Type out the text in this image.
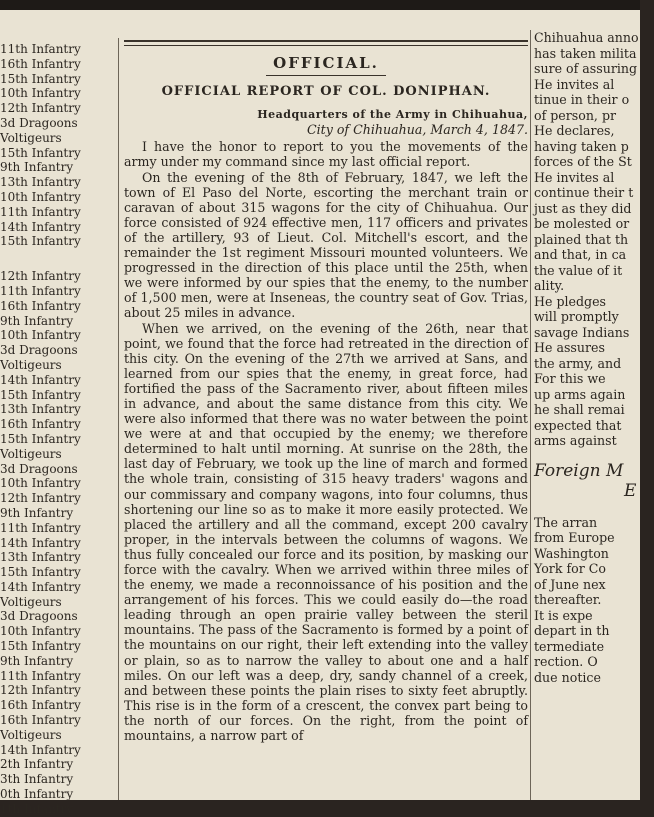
11th Infantry
16th Infantry
15th Infantry
10th Infantry
12th Infantry
3d Dragoons
Voltigeurs
15th Infantry
9th Infantry
13th Infantry
10th Infantry
11th Infantry
14th Infantry
15th Infantry
12th Infantry
11th Infantry
16th Infantry
9th Infantry
10th Infantry
3d Dragoons
Voltigeurs
14th Infantry
15th Infantry
13th Infantry
16th Infantry
15th Infantry
Voltigeurs
3d Dragoons
10th Infantry
12th Infantry
9th Infantry
11th Infantry
14th Infantry
13th Infantry
15th Infantry
14th Infantry
Voltigeurs
3d Dragoons
10th Infantry
15th Infantry
9th Infantry
11th Infantry
12th Infantry
16th Infantry
16th Infantry
Voltigeurs
14th Infantry
2th Infantry
3th Infantry
0th Infantry
1th Infantry
OFFICIAL.
OFFICIAL REPORT OF COL. DONIPHAN.
Headquarters of the Army in Chihuahua,
City of Chihuahua, March 4, 1847.

I have the honor to report to you the movements of the army under my command since my last official report.

On the evening of the 8th of February, 1847, we left the town of El Paso del Norte, escorting the merchant train or caravan of about 315 wagons for the city of Chihuahua. Our force consisted of 924 effective men, 117 officers and privates of the artillery, 93 of Lieut. Col. Mitchell's escort, and the remainder the 1st regiment Missouri mounted volunteers. We progressed in the direction of this place until the 25th, when we were informed by our spies that the enemy, to the number of 1,500 men, were at Inseneas, the country seat of Gov. Trias, about 25 miles in advance.

When we arrived, on the evening of the 26th, near that point, we found that the force had retreated in the direction of this city. On the evening of the 27th we arrived at Sans, and learned from our spies that the enemy, in great force, had fortified the pass of the Sacramento river, about fifteen miles in advance, and about the same distance from this city. We were also informed that there was no water between the point we were at and that occupied by the enemy; we therefore determined to halt until morning. At sunrise on the 28th, the last day of February, we took up the line of march and formed the whole train, consisting of 315 heavy traders' wagons and our commissary and company wagons, into four columns, thus shortening our line so as to make it more easily protected. We placed the artillery and all the command, except 200 cavalry proper, in the intervals between the columns of wagons. We thus fully concealed our force and its position, by masking our force with the cavalry. When we arrived within three miles of the enemy, we made a reconnoissance of his position and the arrangement of his forces. This we could easily do—the road leading through an open prairie valley between the steril mountains. The pass of the Sacramento is formed by a point of the mountains on our right, their left extending into the valley or plain, so as to narrow the valley to about one and a half miles. On our left was a deep, dry, sandy channel of a creek, and between these points the plain rises to sixty feet abruptly. This rise is in the form of a crescent, the convex part being to the north of our forces. On the right, from the point of mountains, a narrow part of

Chihuahua anno
has taken milita
sure of assuring
He invites al
tinue in their o
of person, pr
He declares,
having taken p
forces of the St
He invites al
continue their t
just as they did
be molested or
plained that th
and that, in ca
the value of it
ality.
He pledges
will promptly
savage Indians
He assures
the army, and
For this we
up arms again
he shall remai
expected that
arms against
Foreign M
E
The arran
from Europe
Washington
York for Co
of June nex
thereafter.
It is expe
depart in th
termediate
rection. O
due notice
